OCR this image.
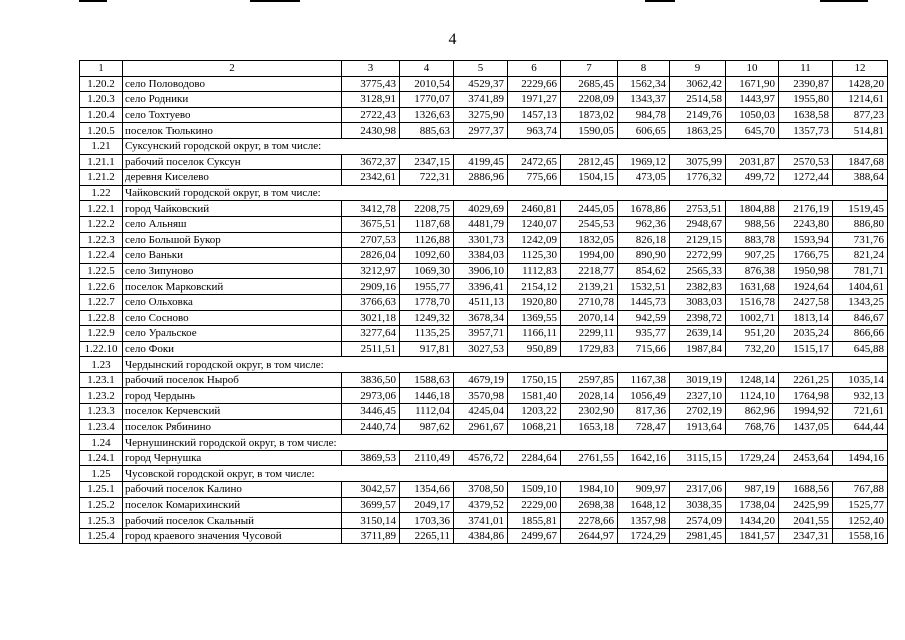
4
1	2	3	4	5	6	7	8	9	10	11	12
1.20.2	село Половодово	3775,43	2010,54	4529,37	2229,66	2685,45	1562,34	3062,42	1671,90	2390,87	1428,20
1.20.3	село Родники	3128,91	1770,07	3741,89	1971,27	2208,09	1343,37	2514,58	1443,97	1955,80	1214,61
1.20.4	село Тохтуево	2722,43	1326,63	3275,90	1457,13	1873,02	984,78	2149,76	1050,03	1638,58	877,23
1.20.5	поселок Тюлькино	2430,98	885,63	2977,37	963,74	1590,05	606,65	1863,25	645,70	1357,73	514,81
1.21	Суксунский городской округ, в том числе:										
1.21.1	рабочий поселок Суксун	3672,37	2347,15	4199,45	2472,65	2812,45	1969,12	3075,99	2031,87	2570,53	1847,68
1.21.2	деревня Киселево	2342,61	722,31	2886,96	775,66	1504,15	473,05	1776,32	499,72	1272,44	388,64
1.22	Чайковский городской округ, в том числе:										
1.22.1	город Чайковский	3412,78	2208,75	4029,69	2460,81	2445,05	1678,86	2753,51	1804,88	2176,19	1519,45
1.22.2	село Альняш	3675,51	1187,68	4481,79	1240,07	2545,53	962,36	2948,67	988,56	2243,80	886,80
1.22.3	село Большой Букор	2707,53	1126,88	3301,73	1242,09	1832,05	826,18	2129,15	883,78	1593,94	731,76
1.22.4	село Ваньки	2826,04	1092,60	3384,03	1125,30	1994,00	890,90	2272,99	907,25	1766,75	821,24
1.22.5	село Зипуново	3212,97	1069,30	3906,10	1112,83	2218,77	854,62	2565,33	876,38	1950,98	781,71
1.22.6	поселок Марковский	2909,16	1955,77	3396,41	2154,12	2139,21	1532,51	2382,83	1631,68	1924,64	1404,61
1.22.7	село Ольховка	3766,63	1778,70	4511,13	1920,80	2710,78	1445,73	3083,03	1516,78	2427,58	1343,25
1.22.8	село Сосново	3021,18	1249,32	3678,34	1369,55	2070,14	942,59	2398,72	1002,71	1813,14	846,67
1.22.9	село Уральское	3277,64	1135,25	3957,71	1166,11	2299,11	935,77	2639,14	951,20	2035,24	866,66
1.22.10	село Фоки	2511,51	917,81	3027,53	950,89	1729,83	715,66	1987,84	732,20	1515,17	645,88
1.23	Чердынский городской округ, в том числе:										
1.23.1	рабочий поселок Ныроб	3836,50	1588,63	4679,19	1750,15	2597,85	1167,38	3019,19	1248,14	2261,25	1035,14
1.23.2	город Чердынь	2973,06	1446,18	3570,98	1581,40	2028,14	1056,49	2327,10	1124,10	1764,98	932,13
1.23.3	поселок Керчевский	3446,45	1112,04	4245,04	1203,22	2302,90	817,36	2702,19	862,96	1994,92	721,61
1.23.4	поселок Рябинино	2440,74	987,62	2961,67	1068,21	1653,18	728,47	1913,64	768,76	1437,05	644,44
1.24	Чернушинский городской округ, в том числе:										
1.24.1	город Чернушка	3869,53	2110,49	4576,72	2284,64	2761,55	1642,16	3115,15	1729,24	2453,64	1494,16
1.25	Чусовской городской округ, в том числе:										
1.25.1	рабочий поселок Калино	3042,57	1354,66	3708,50	1509,10	1984,10	909,97	2317,06	987,19	1688,56	767,88
1.25.2	поселок Комарихинский	3699,57	2049,17	4379,52	2229,00	2698,38	1648,12	3038,35	1738,04	2425,99	1525,77
1.25.3	рабочий поселок Скальный	3150,14	1703,36	3741,01	1855,81	2278,66	1357,98	2574,09	1434,20	2041,55	1252,40
1.25.4	город краевого значения Чусовой	3711,89	2265,11	4384,86	2499,67	2644,97	1724,29	2981,45	1841,57	2347,31	1558,16
